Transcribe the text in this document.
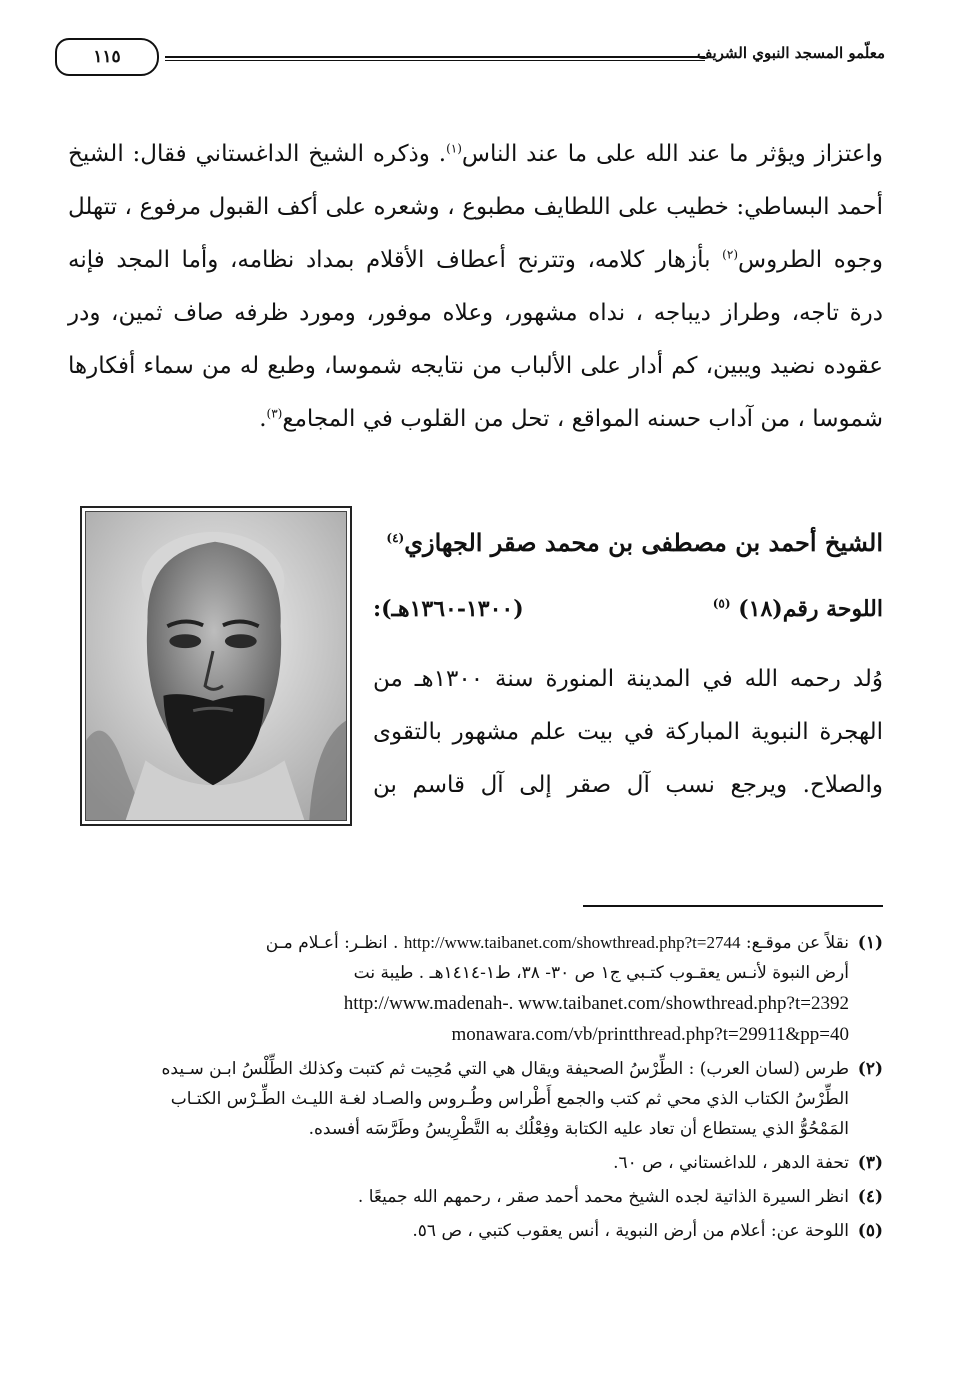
معلّمو المسجد النبوي الشريف
١١٥
واعتزاز ويؤثر ما عند الله على ما عند الناس$^{(١)}$. وذكره الشيخ الداغستاني فقال: الشيخ
أحمد البساطي: خطيب على اللطايف مطبوع ، وشعره على أكف القبول مرفوع ، تتهلل
وجوه الطروس$^{(٢)}$ بأزهار كلامه، وتترنح أعطاف الأقلام بمداد نظامه، وأما المجد فإنه
درة تاجه، وطراز ديباجه ، نداه مشهور، وعلاه موفور، ومورد ظرفه صاف ثمين، ودر
عقوده نضيد ويبين، كم أدار على الألباب من نتايجه شموسا، وطبع له من سماء أفكارها
شموسا ، من آداب حسنه المواقع ، تحل من القلوب في المجامع$^{(٣)}$.
الشيخ أحمد بن مصطفى بن محمد صقر الجهازي$^{(٤)}$
اللوحة رقم(١٨) $^{(٥)}$
(١٣٠٠-١٣٦٠هـ):
وُلد رحمه الله في المدينة المنورة سنة ١٣٠٠هـ من
الهجرة النبوية المباركة في بيت علم مشهور بالتقوى
والصلاح. ويرجع نسب آل صقر إلى آل قاسم بن
(١)نقلاً عن موقـع: http://www.taibanet.com/showthread.php?t=2744 . انظـر: أعـلام مـن
أرض النبوة لأنـس يعقـوب كتـبي ج١ ص ٣٠- ٣٨، ط١-١٤١٤هـ . طيبة نت
http://www.madenah-. www.taibanet.com/showthread.php?t=2392
monawara.com/vb/printthread.php?t=29911&pp=40
(٢)طرس (لسان العرب) : الطِّرْسُ الصحيفة ويقال هي التي مُحِيت ثم كتبت وكذلك الطِّلْسُ ابـن سـيده
الطِّرْسُ الكتاب الذي محي ثم كتب والجمع أَطْراس وطُـروس والصـاد لغـة الليـث الطِّـرْس الكتـاب
المَمْحُوُّ الذي يستطاع أن تعاد عليه الكتابة وفِعْلُك به التَّطْرِيسُ وطَرَّسَه أفسده.
(٣)تحفة الدهر ، للداغستاني ، ص ٦٠.
(٤)انظر السيرة الذاتية لجده الشيخ محمد أحمد صقر ، رحمهم الله جميعًا .
(٥)اللوحة عن: أعلام من أرض النبوية ، أنس يعقوب كتبي ، ص ٥٦.
